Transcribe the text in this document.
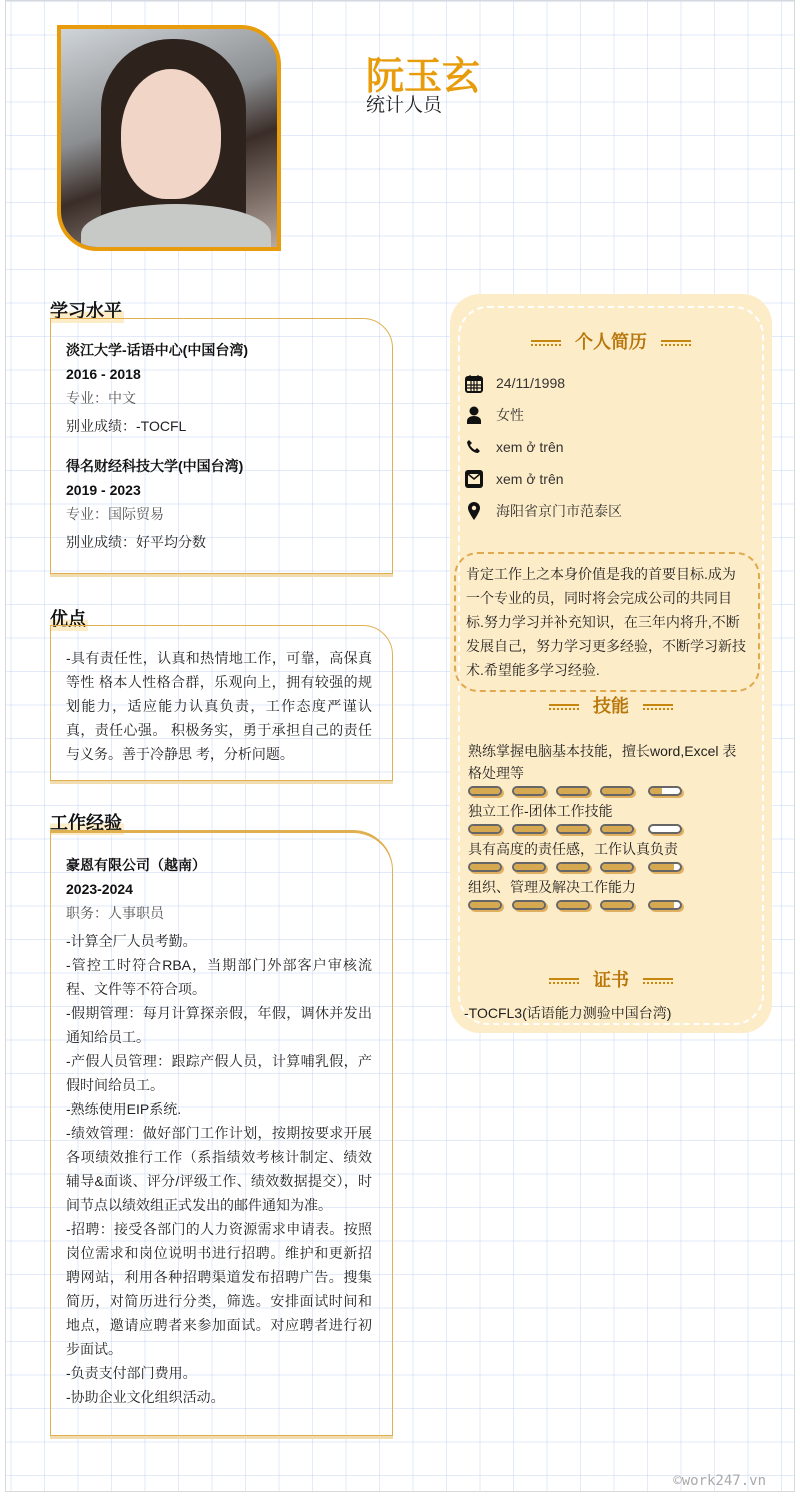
阮玉玄
统计人员
学习水平
淡江大学-话语中心(中国台湾)
2016 - 2018
专业：中文
别业成绩：-TOCFL
得名财经科技大学(中国台湾)
2019 - 2023
专业：国际贸易
别业成绩：好平均分数
优点
-具有责任性，认真和热情地工作，可靠，高保真等性 格本人性格合群，乐观向上，拥有较强的规划能力，适应能力认真负责，工作态度严谨认真，责任心强。 积极务实，勇于承担自己的责任与义务。善于冷静思 考，分析问题。
工作经验
豪恩有限公司（越南）
2023-2024
职务：人事职员
-计算全厂人员考勤。
-管控工时符合RBA，当期部门外部客户审核流程、文件等不符合项。
-假期管理：每月计算探亲假，年假，调休并发出通知给员工。
-产假人员管理：跟踪产假人员，计算哺乳假，产假时间给员工。
-熟练使用EIP系统.
-绩效管理：做好部门工作计划，按期按要求开展各项绩效推行工作（系指绩效考核计制定、绩效辅导&面谈、评分/评级工作、绩效数据提交），时间节点以绩效组正式发出的邮件通知为准。
-招聘：接受各部门的人力资源需求申请表。按照岗位需求和岗位说明书进行招聘。维护和更新招聘网站，利用各种招聘渠道发布招聘广告。搜集简历，对简历进行分类，筛选。安排面试时间和地点，邀请应聘者来参加面试。对应聘者进行初步面试。
-负责支付部门费用。
-协助企业文化组织活动。
个人简历
24/11/1998
女性
xem ở trên
xem ở trên
海阳省京门市范泰区
肯定工作上之本身价值是我的首要目标.成为一个专业的员，同时将会完成公司的共同目标.努力学习并补充知识，在三年内将升,不断发展自己，努力学习更多经验，不断学习新技术.希望能多学习经验.
技能
熟练掌握电脑基本技能，擅长word,Excel 表格处理等
独立工作-团体工作技能
具有高度的责任感，工作认真负责
组织、管理及解决工作能力
证书
-TOCFL3(话语能力测验中国台湾)
©work247.vn
